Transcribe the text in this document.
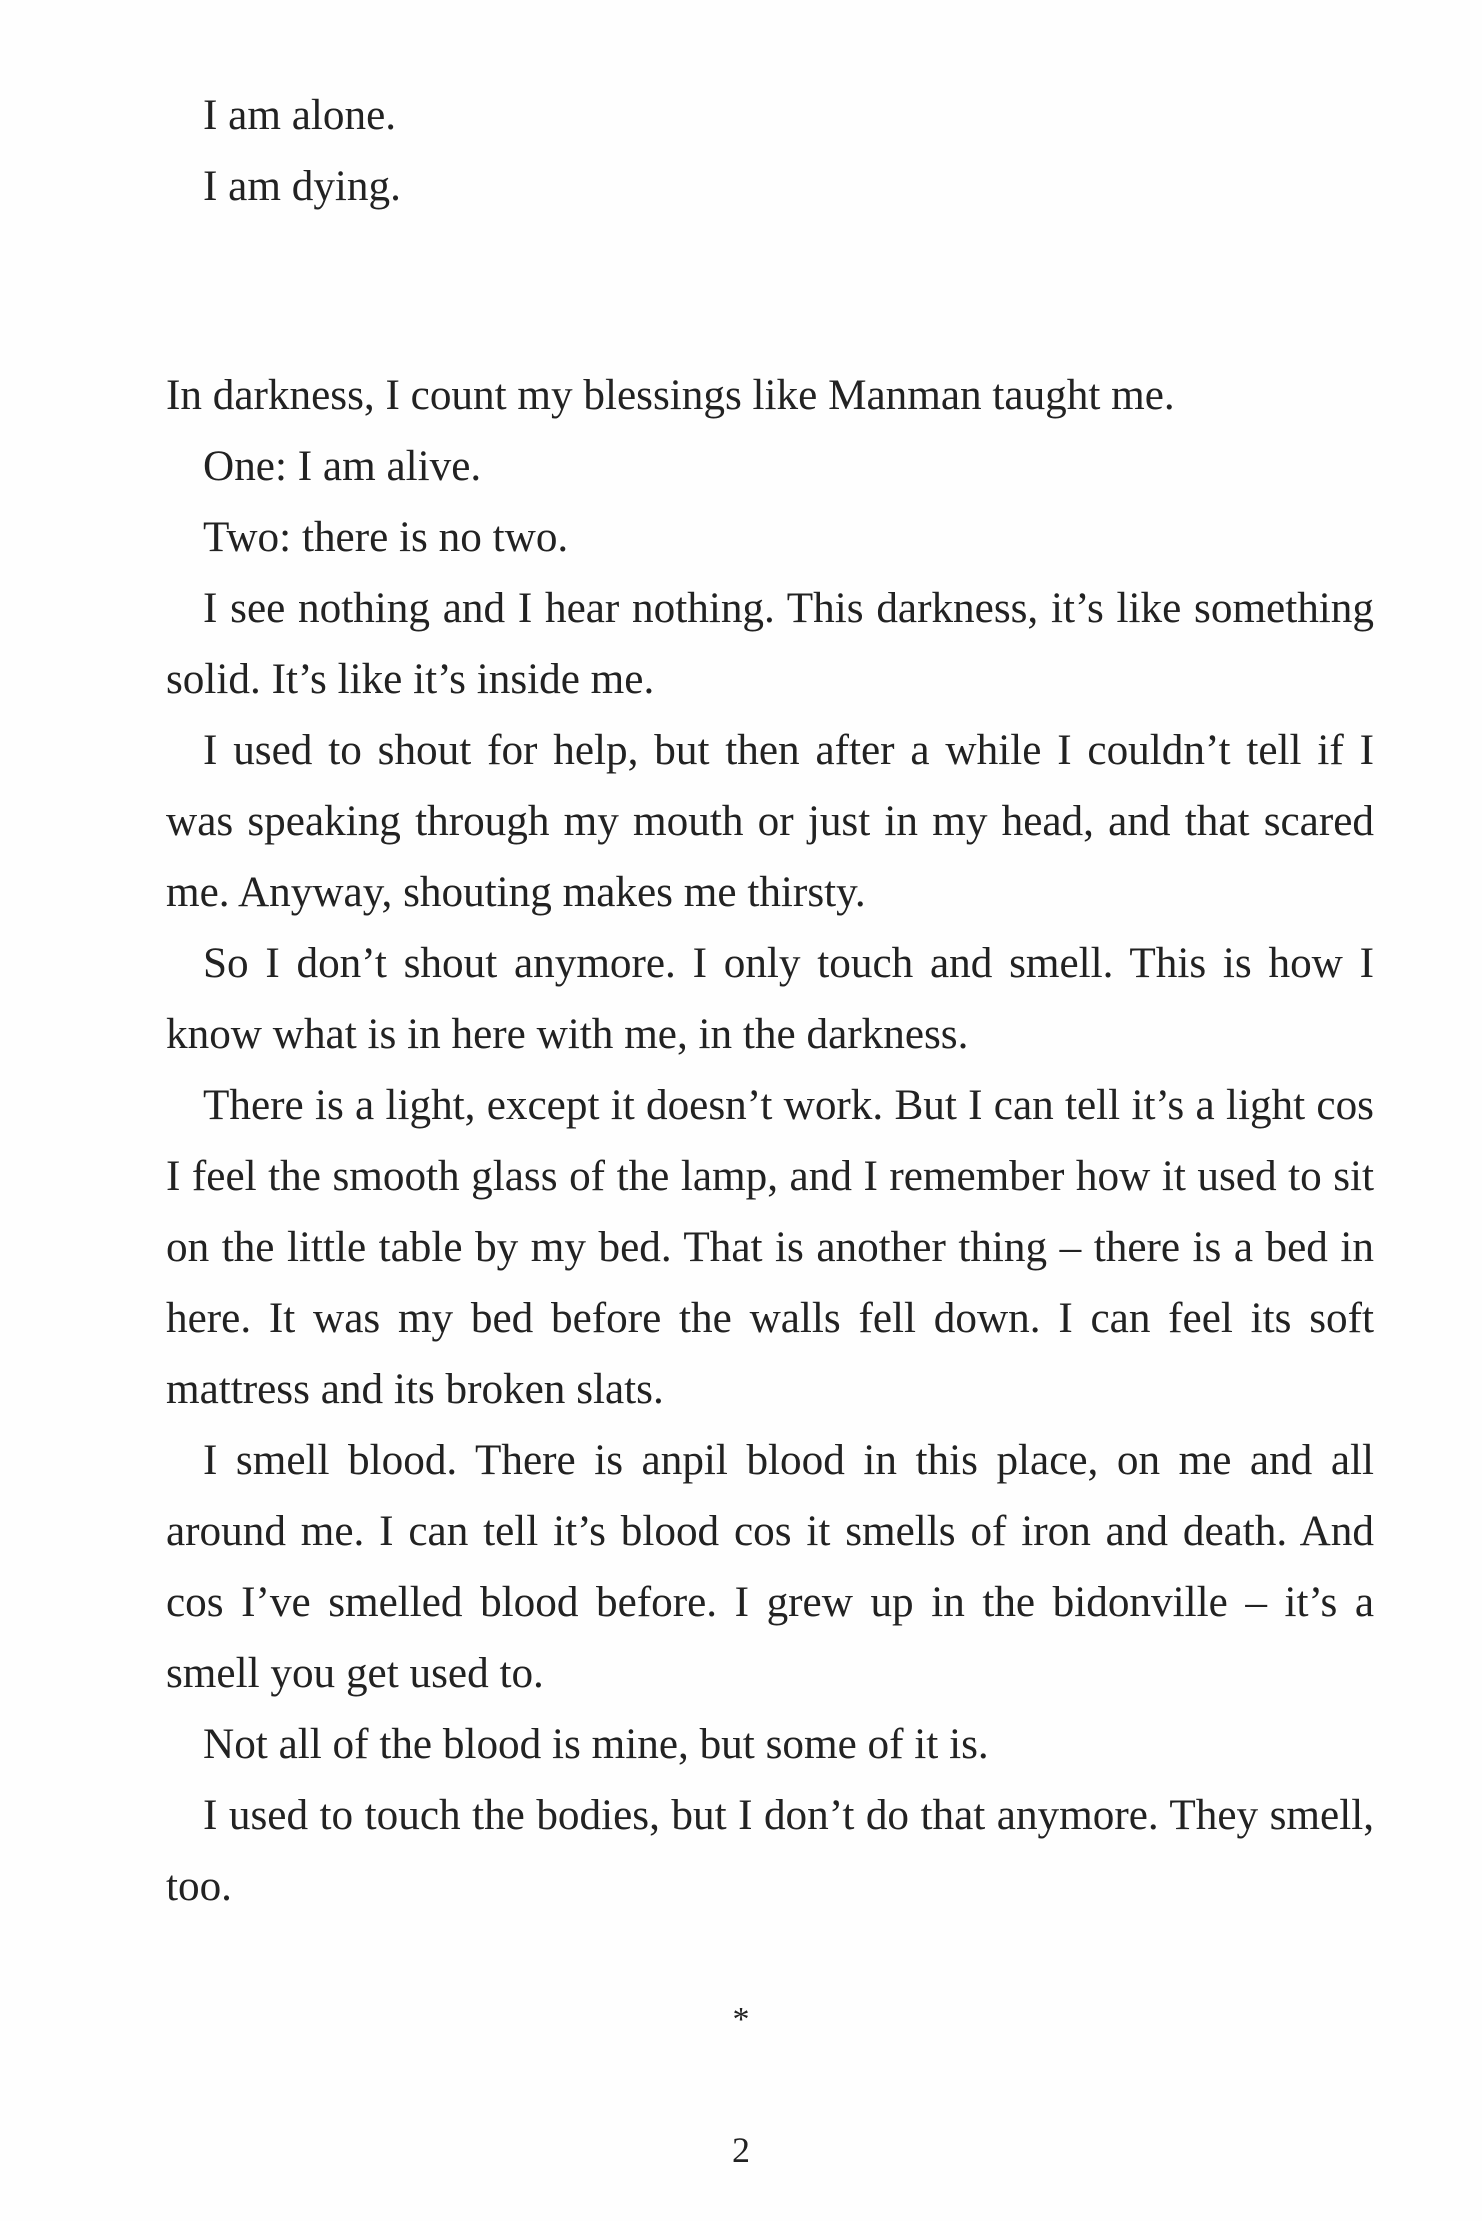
I am alone.

I am dying.

In darkness, I count my blessings like Manman taught me.

One: I am alive.

Two: there is no two.

I see nothing and I hear nothing. This darkness, it’s like something solid. It’s like it’s inside me.

I used to shout for help, but then after a while I couldn’t tell if I was speaking through my mouth or just in my head, and that scared me. Anyway, shouting makes me thirsty.

So I don’t shout anymore. I only touch and smell. This is how I know what is in here with me, in the darkness.

There is a light, except it doesn’t work. But I can tell it’s a light cos I feel the smooth glass of the lamp, and I remember how it used to sit on the little table by my bed. That is another thing – there is a bed in here. It was my bed before the walls fell down. I can feel its soft mattress and its broken slats.

I smell blood. There is anpil blood in this place, on me and all around me. I can tell it’s blood cos it smells of iron and death. And cos I’ve smelled blood before. I grew up in the bidonville – it’s a smell you get used to.

Not all of the blood is mine, but some of it is.

I used to touch the bodies, but I don’t do that anymore. They smell, too.

*
2
